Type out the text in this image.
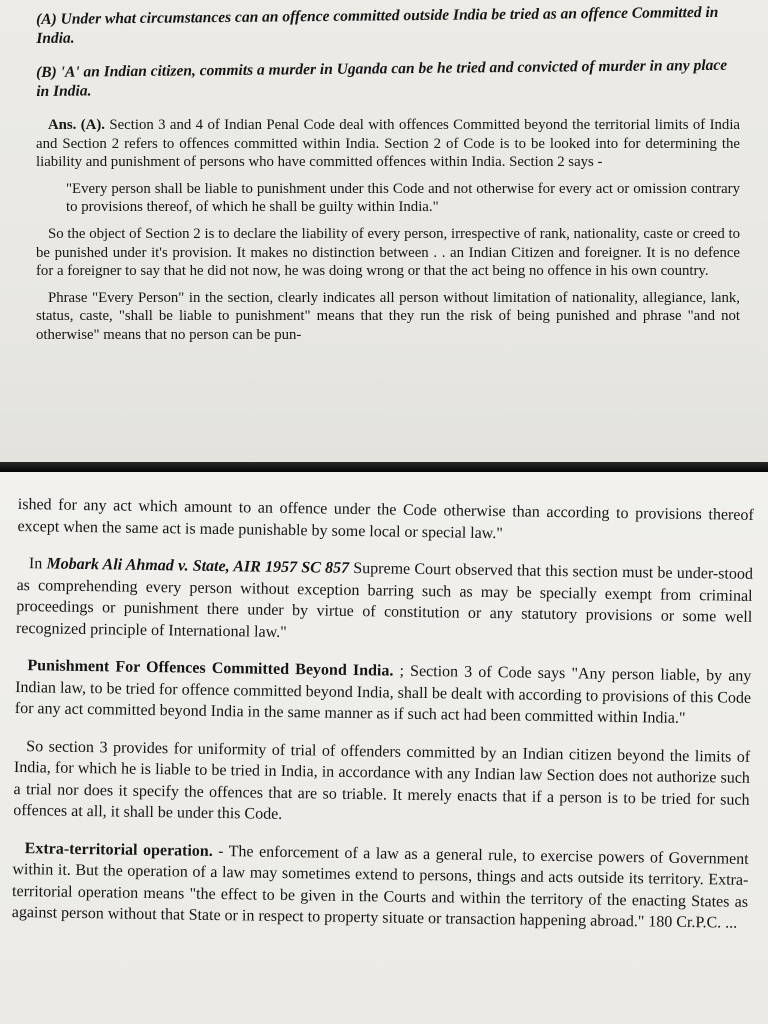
(A) Under what circumstances can an offence committed outside India be tried as an offence Committed in India.
(B) 'A' an Indian citizen, commits a murder in Uganda can be he tried and convicted of murder in any place in India.

Ans. (A). Section 3 and 4 of Indian Penal Code deal with offences Committed beyond the territorial limits of India and Section 2 refers to offences committed within India. Section 2 of Code is to be looked into for determining the liability and punishment of persons who have committed offences within India. Section 2 says -

"Every person shall be liable to punishment under this Code and not otherwise for every act or omission contrary to provisions thereof, of which he shall be guilty within India."

So the object of Section 2 is to declare the liability of every person, irrespective of rank, nationality, caste or creed to be punished under it's provision. It makes no distinction between . . an Indian Citizen and foreigner. It is no defence for a foreigner to say that he did not now, he was doing wrong or that the act being no offence in his own country.

Phrase "Every Person" in the section, clearly indicates all person without limitation of nationality, allegiance, lank, status, caste, "shall be liable to punishment" means that they run the risk of being punished and phrase "and not otherwise" means that no person can be pun-

ished for any act which amount to an offence under the Code otherwise than according to provisions thereof except when the same act is made punishable by some local or special law."

In Mobark Ali Ahmad v. State, AIR 1957 SC 857 Supreme Court observed that this section must be under-stood as comprehending every person without exception barring such as may be specially exempt from criminal proceedings or punishment there under by virtue of constitution or any statutory provisions or some well recognized principle of International law."

Punishment For Offences Committed Beyond India. ; Section 3 of Code says "Any person liable, by any Indian law, to be tried for offence committed beyond India, shall be dealt with according to provisions of this Code for any act committed beyond India in the same manner as if such act had been committed within India."

So section 3 provides for uniformity of trial of offenders committed by an Indian citizen beyond the limits of India, for which he is liable to be tried in India, in accordance with any Indian law Section does not authorize such a trial nor does it specify the offences that are so triable. It merely enacts that if a person is to be tried for such offences at all, it shall be under this Code.

Extra-territorial operation. - The enforcement of a law as a general rule, to exercise powers of Government within it. But the operation of a law may sometimes extend to persons, things and acts outside its territory. Extra- territorial operation means "the effect to be given in the Courts and within the territory of the enacting States as against person without that State or in respect to property situate or transaction happening abroad." 180 Cr.P.C. ...
